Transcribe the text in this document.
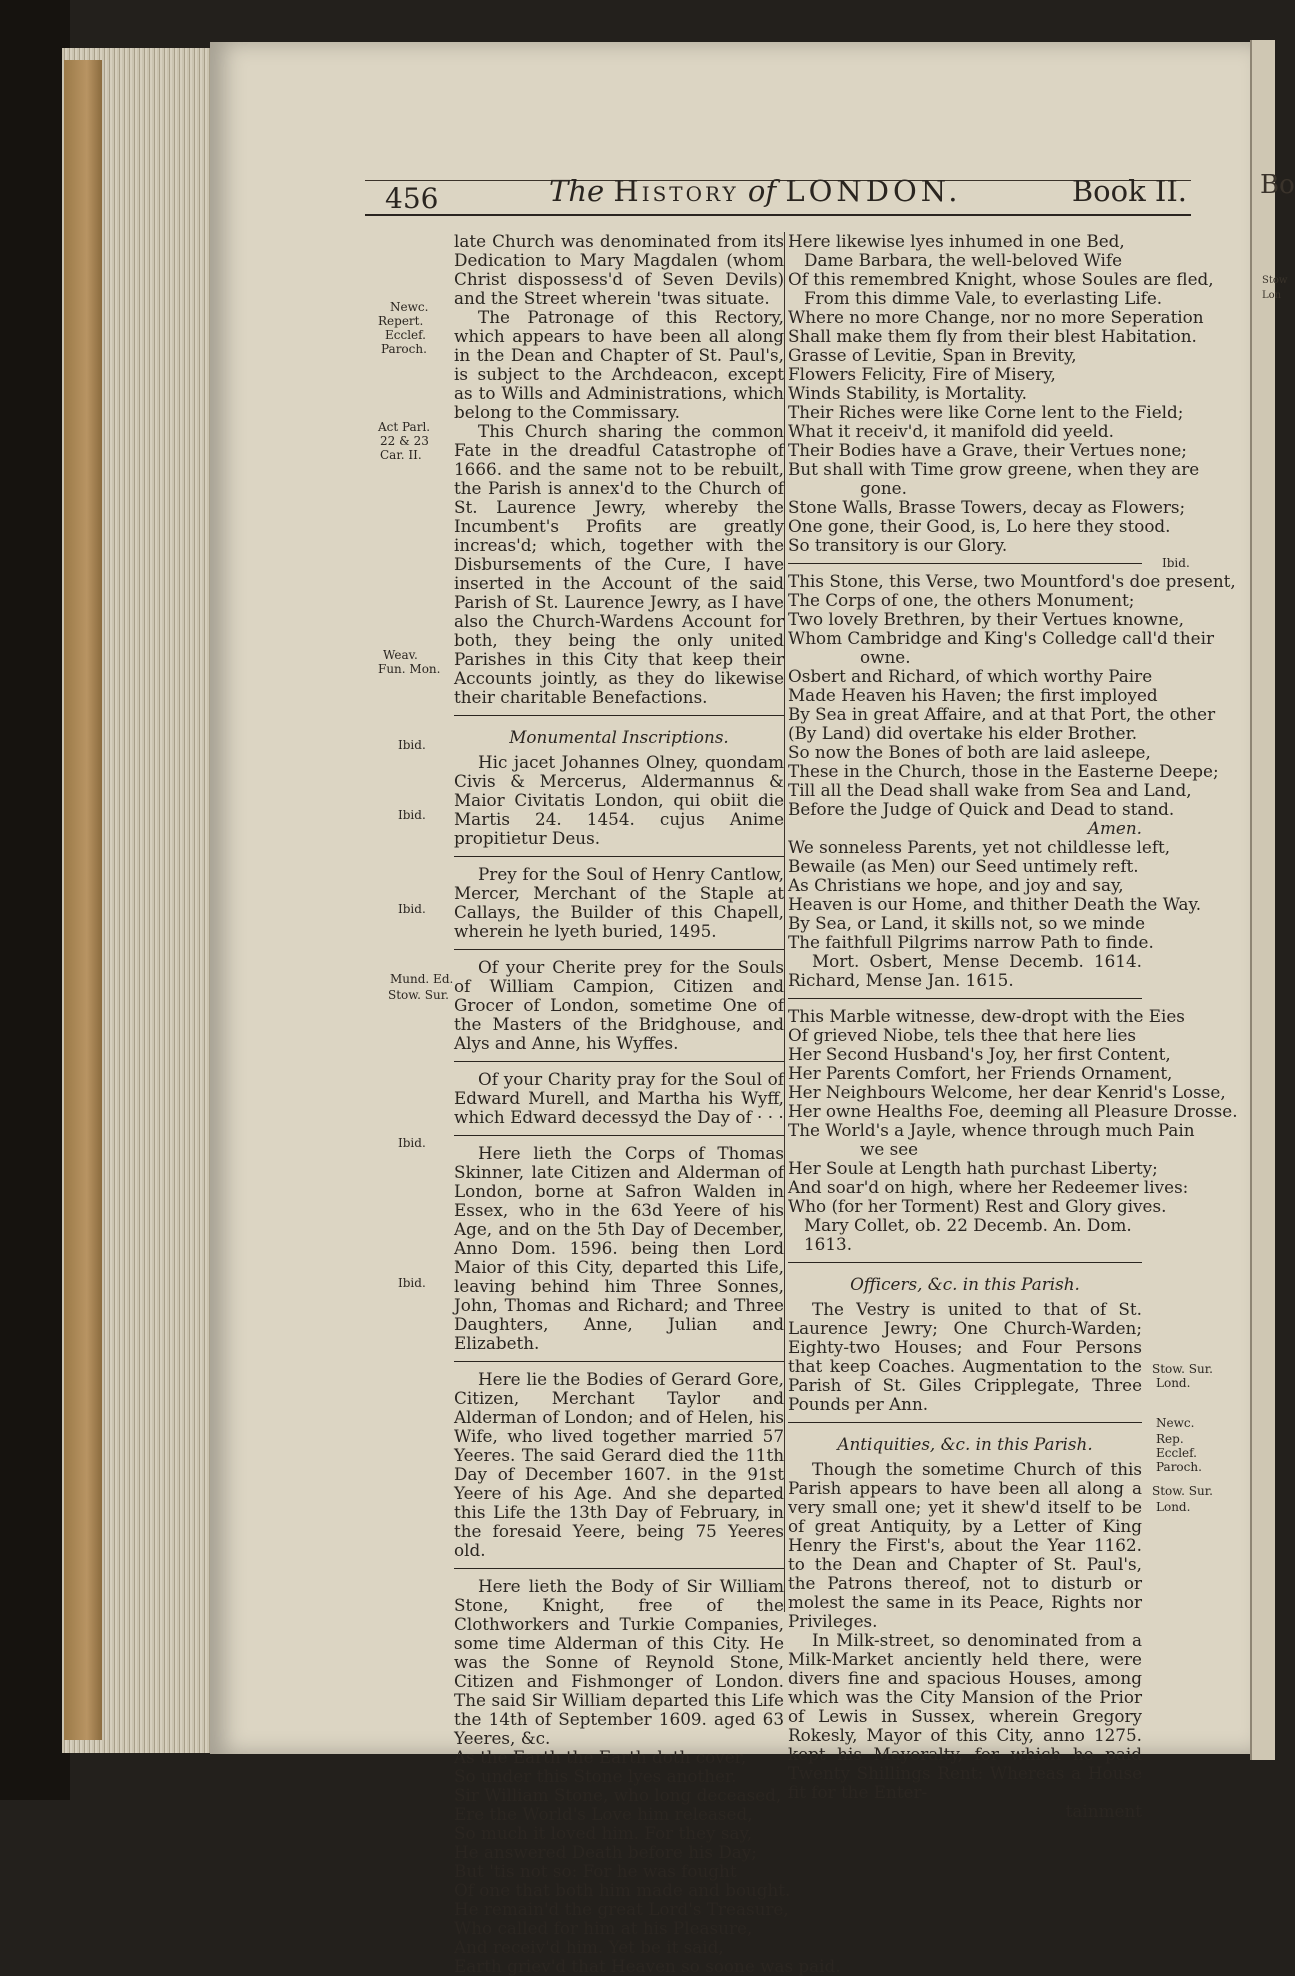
Bo
Stow
Lon
456	The History of LONDON.	Book II.

late Church was denominated from its Dedication to Mary Magdalen (whom Christ dispossess'd of Seven Devils) and the Street wherein 'twas situate.

The Patronage of this Rectory, which appears to have been all along in the Dean and Chapter of St. Paul's, is subject to the Archdeacon, except as to Wills and Administrations, which belong to the Commissary.

This Church sharing the common Fate in the dreadful Catastrophe of 1666. and the same not to be rebuilt, the Parish is annex'd to the Church of St. Laurence Jewry, whereby the Incumbent's Profits are greatly increas'd; which, together with the Disbursements of the Cure, I have inserted in the Account of the said Parish of St. Laurence Jewry, as I have also the Church-Wardens Account for both, they being the only united Parishes in this City that keep their Accounts jointly, as they do likewise their charitable Benefactions.

Monumental Inscriptions.

Hic jacet Johannes Olney, quondam Civis & Mercerus, Aldermannus & Maior Civitatis London, qui obiit die Martis 24. 1454. cujus Anime propitietur Deus.

Prey for the Soul of Henry Cantlow, Mercer, Merchant of the Staple at Callays, the Builder of this Chapell, wherein he lyeth buried, 1495.

Of your Cherite prey for the Souls of William Campion, Citizen and Grocer of London, sometime One of the Masters of the Bridghouse, and Alys and Anne, his Wyffes.

Of your Charity pray for the Soul of Edward Murell, and Martha his Wyff, which Edward decessyd the Day of · · ·

Here lieth the Corps of Thomas Skinner, late Citizen and Alderman of London, borne at Safron Walden in Essex, who in the 63d Yeere of his Age, and on the 5th Day of December, Anno Dom. 1596. being then Lord Maior of this City, departed this Life, leaving behind him Three Sonnes, John, Thomas and Richard; and Three Daughters, Anne, Julian and Elizabeth.

Here lie the Bodies of Gerard Gore, Citizen, Merchant Taylor and Alderman of London; and of Helen, his Wife, who lived together married 57 Yeeres. The said Gerard died the 11th Day of December 1607. in the 91st Yeere of his Age. And she departed this Life the 13th Day of February, in the foresaid Yeere, being 75 Yeeres old.

Here lieth the Body of Sir William Stone, Knight, free of the Clothworkers and Turkie Companies, some time Alderman of this City. He was the Sonne of Reynold Stone, Citizen and Fishmonger of London. The said Sir William departed this Life the 14th of September 1609. aged 63 Yeeres, &c.

As the Earth the Earth doth cover,

So under this Stone lyes another.

Sir William Stone, who long deceased,

Ere the World's Love him released,

So much it loved him. For they say,

He answered Death before his Day;

But 'tis not so: For he was fought

Of one that both him made and bought.

He remain'd the great Lord's Treasure,

Who called for him at his Pleasure,

And receiv'd him. Yet be it said,

Earth griev'd that Heaven so soone was paid.

Here likewise lyes inhumed in one Bed,

Dame Barbara, the well-beloved Wife

Of this remembred Knight, whose Soules are fled,

From this dimme Vale, to everlasting Life.

Where no more Change, nor no more Seperation

Shall make them fly from their blest Habitation.

Grasse of Levitie, Span in Brevity,

Flowers Felicity, Fire of Misery,

Winds Stability, is Mortality.

Their Riches were like Corne lent to the Field;

What it receiv'd, it manifold did yeeld.

Their Bodies have a Grave, their Vertues none;

But shall with Time grow greene, when they are

gone.

Stone Walls, Brasse Towers, decay as Flowers;

One gone, their Good, is, Lo here they stood.

So transitory is our Glory.

This Stone, this Verse, two Mountford's doe present,

The Corps of one, the others Monument;

Two lovely Brethren, by their Vertues knowne,

Whom Cambridge and King's Colledge call'd their

owne.

Osbert and Richard, of which worthy Paire

Made Heaven his Haven; the first imployed

By Sea in great Affaire, and at that Port, the other

(By Land) did overtake his elder Brother.

So now the Bones of both are laid asleepe,

These in the Church, those in the Easterne Deepe;

Till all the Dead shall wake from Sea and Land,

Before the Judge of Quick and Dead to stand.

Amen.

We sonneless Parents, yet not childlesse left,

Bewaile (as Men) our Seed untimely reft.

As Christians we hope, and joy and say,

Heaven is our Home, and thither Death the Way.

By Sea, or Land, it skills not, so we minde

The faithfull Pilgrims narrow Path to finde.

Mort. Osbert, Mense Decemb. 1614. Richard, Mense Jan. 1615.

This Marble witnesse, dew-dropt with the Eies

Of grieved Niobe, tels thee that here lies

Her Second Husband's Joy, her first Content,

Her Parents Comfort, her Friends Ornament,

Her Neighbours Welcome, her dear Kenrid's Losse,

Her owne Healths Foe, deeming all Pleasure Drosse.

The World's a Jayle, whence through much Pain

we see

Her Soule at Length hath purchast Liberty;

And soar'd on high, where her Redeemer lives:

Who (for her Torment) Rest and Glory gives.

Mary Collet, ob. 22 Decemb. An. Dom. 1613.

Officers, &c. in this Parish.

The Vestry is united to that of St. Laurence Jewry; One Church-Warden; Eighty-two Houses; and Four Persons that keep Coaches. Augmentation to the Parish of St. Giles Cripplegate, Three Pounds per Ann.

Antiquities, &c. in this Parish.

Though the sometime Church of this Parish appears to have been all along a very small one; yet it shew'd itself to be of great Antiquity, by a Letter of King Henry the First's, about the Year 1162. to the Dean and Chapter of St. Paul's, the Patrons thereof, not to disturb or molest the same in its Peace, Rights nor Privileges.

In Milk-street, so denominated from a Milk-Market anciently held there, were divers fine and spacious Houses, among which was the City Mansion of the Prior of Lewis in Sussex, wherein Gregory Rokesly, Mayor of this City, anno 1275. kept his Mayoralty, for which he paid Twenty Shillings Rent: Whereas a House fit for the Enter-

tainment

Newc.
Repert.
Ecclef.
Paroch.
Act Parl.
22 & 23
Car. II.
Weav.
Fun. Mon.
Ibid.
Ibid.
Ibid.
Mund. Ed.
Stow. Sur.
Ibid.
Ibid.
Ibid.
Stow. Sur.
Lond.
Newc.
Rep.
Ecclef.
Paroch.
Stow. Sur.
Lond.
